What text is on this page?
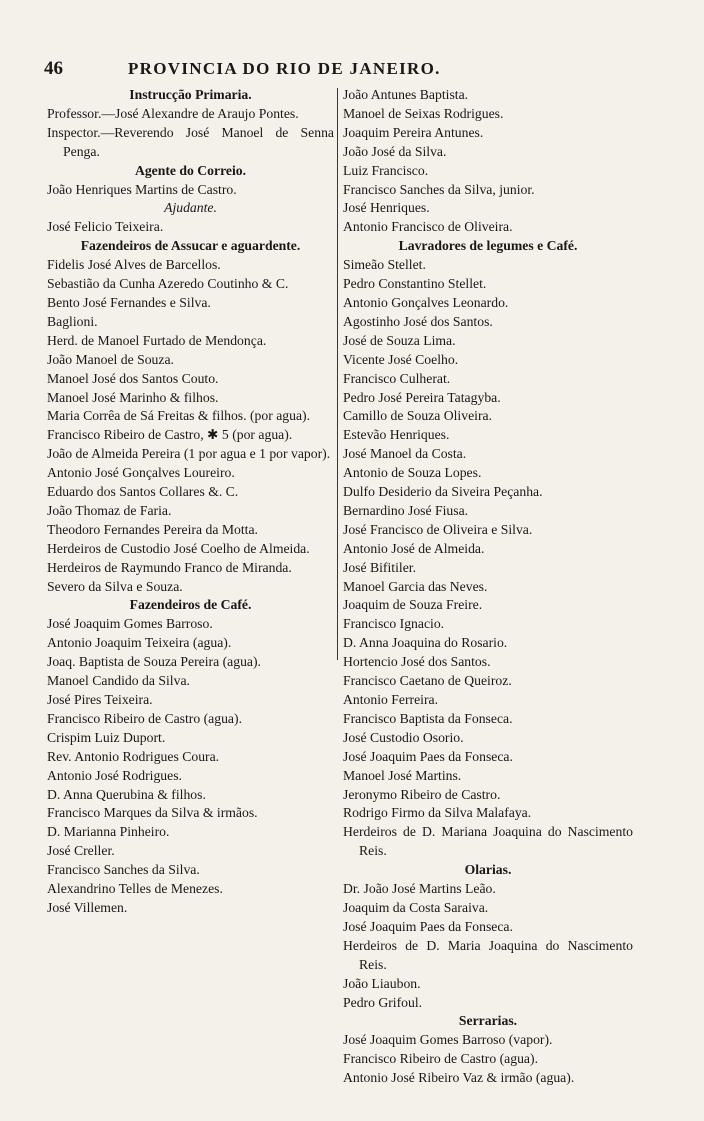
46	PROVINCIA DO RIO DE JANEIRO.
Instrucção Primaria.
Professor.—José Alexandre de Araujo Pontes.
Inspector.—Reverendo José Manoel de Senna Penga.
Agente do Correio.
João Henriques Martins de Castro.
Ajudante.
José Felicio Teixeira.
Fazendeiros de Assucar e aguardente.
Fidelis José Alves de Barcellos.
Sebastião da Cunha Azeredo Coutinho & C.
Bento José Fernandes e Silva.
Baglioni.
Herd. de Manoel Furtado de Mendonça.
João Manoel de Souza.
Manoel José dos Santos Couto.
Manoel José Marinho & filhos.
Maria Corrêa de Sá Freitas & filhos. (por agua).
Francisco Ribeiro de Castro, ✱ 5 (por agua).
João de Almeida Pereira (1 por agua e 1 por vapor).
Antonio José Gonçalves Loureiro.
Eduardo dos Santos Collares &. C.
João Thomaz de Faria.
Theodoro Fernandes Pereira da Motta.
Herdeiros de Custodio José Coelho de Almeida.
Herdeiros de Raymundo Franco de Miranda.
Severo da Silva e Souza.
Fazendeiros de Café.
José Joaquim Gomes Barroso.
Antonio Joaquim Teixeira (agua).
Joaq. Baptista de Souza Pereira (agua).
Manoel Candido da Silva.
José Pires Teixeira.
Francisco Ribeiro de Castro (agua).
Crispim Luiz Duport.
Rev. Antonio Rodrigues Coura.
Antonio José Rodrigues.
D. Anna Querubina & filhos.
Francisco Marques da Silva & irmãos.
D. Marianna Pinheiro.
José Creller.
Francisco Sanches da Silva.
Alexandrino Telles de Menezes.
José Villemen.
João Antunes Baptista.
Manoel de Seixas Rodrigues.
Joaquim Pereira Antunes.
João José da Silva.
Luiz Francisco.
Francisco Sanches da Silva, junior.
José Henriques.
Antonio Francisco de Oliveira.
Lavradores de legumes e Café.
Simeão Stellet.
Pedro Constantino Stellet.
Antonio Gonçalves Leonardo.
Agostinho José dos Santos.
José de Souza Lima.
Vicente José Coelho.
Francisco Culherat.
Pedro José Pereira Tatagyba.
Camillo de Souza Oliveira.
Estevão Henriques.
José Manoel da Costa.
Antonio de Souza Lopes.
Dulfo Desiderio da Siveira Peçanha.
Bernardino José Fiusa.
José Francisco de Oliveira e Silva.
Antonio José de Almeida.
José Bifitiler.
Manoel Garcia das Neves.
Joaquim de Souza Freire.
Francisco Ignacio.
D. Anna Joaquina do Rosario.
Hortencio José dos Santos.
Francisco Caetano de Queiroz.
Antonio Ferreira.
Francisco Baptista da Fonseca.
José Custodio Osorio.
José Joaquim Paes da Fonseca.
Manoel José Martins.
Jeronymo Ribeiro de Castro.
Rodrigo Firmo da Silva Malafaya.
Herdeiros de D. Mariana Joaquina do Nascimento Reis.
Olarias.
Dr. João José Martins Leão.
Joaquim da Costa Saraiva.
José Joaquim Paes da Fonseca.
Herdeiros de D. Maria Joaquina do Nascimento Reis.
João Liaubon.
Pedro Grifoul.
Serrarias.
José Joaquim Gomes Barroso (vapor).
Francisco Ribeiro de Castro (agua).
Antonio José Ribeiro Vaz & irmão (agua).
